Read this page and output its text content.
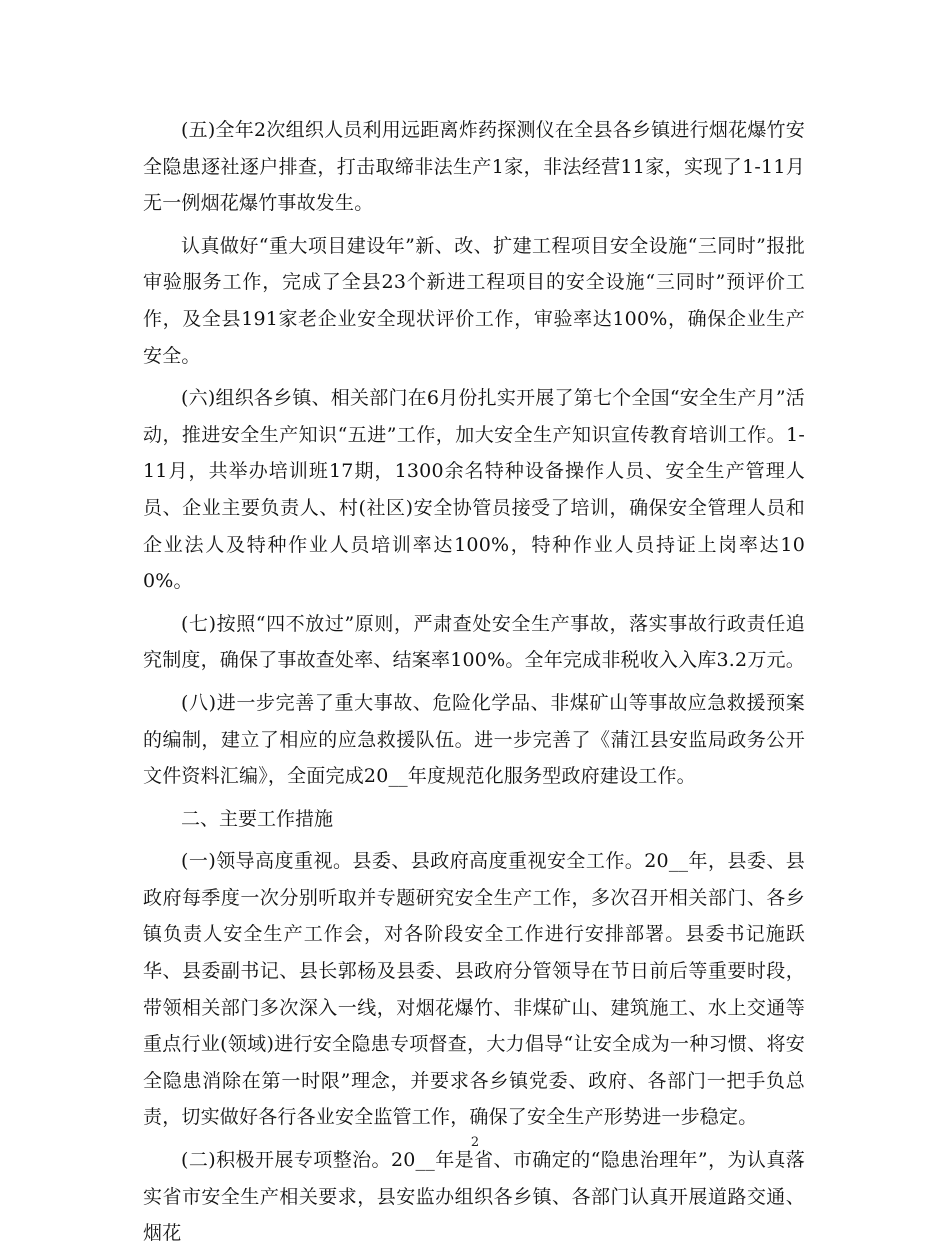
(五)全年2次组织人员利用远距离炸药探测仪在全县各乡镇进行烟花爆竹安全隐患逐社逐户排查，打击取缔非法生产1家，非法经营11家，实现了1-11月无一例烟花爆竹事故发生。

认真做好“重大项目建设年”新、改、扩建工程项目安全设施“三同时”报批审验服务工作，完成了全县23个新进工程项目的安全设施“三同时”预评价工作，及全县191家老企业安全现状评价工作，审验率达100%，确保企业生产安全。

(六)组织各乡镇、相关部门在6月份扎实开展了第七个全国“安全生产月”活动，推进安全生产知识“五进”工作，加大安全生产知识宣传教育培训工作。1-11月，共举办培训班17期，1300余名特种设备操作人员、安全生产管理人员、企业主要负责人、村(社区)安全协管员接受了培训，确保安全管理人员和企业法人及特种作业人员培训率达100%，特种作业人员持证上岗率达100%。

(七)按照“四不放过”原则，严肃查处安全生产事故，落实事故行政责任追究制度，确保了事故查处率、结案率100%。全年完成非税收入入库3.2万元。

(八)进一步完善了重大事故、危险化学品、非煤矿山等事故应急救援预案的编制，建立了相应的应急救援队伍。进一步完善了《蒲江县安监局政务公开文件资料汇编》，全面完成20__年度规范化服务型政府建设工作。

二、主要工作措施

(一)领导高度重视。县委、县政府高度重视安全工作。20__年，县委、县政府每季度一次分别听取并专题研究安全生产工作，多次召开相关部门、各乡镇负责人安全生产工作会，对各阶段安全工作进行安排部署。县委书记施跃华、县委副书记、县长郭杨及县委、县政府分管领导在节日前后等重要时段，带领相关部门多次深入一线，对烟花爆竹、非煤矿山、建筑施工、水上交通等重点行业(领域)进行安全隐患专项督查，大力倡导“让安全成为一种习惯、将安全隐患消除在第一时限”理念，并要求各乡镇党委、政府、各部门一把手负总责，切实做好各行各业安全监管工作，确保了安全生产形势进一步稳定。

(二)积极开展专项整治。20__年是省、市确定的“隐患治理年”，为认真落实省市安全生产相关要求，县安监办组织各乡镇、各部门认真开展道路交通、烟花

2
